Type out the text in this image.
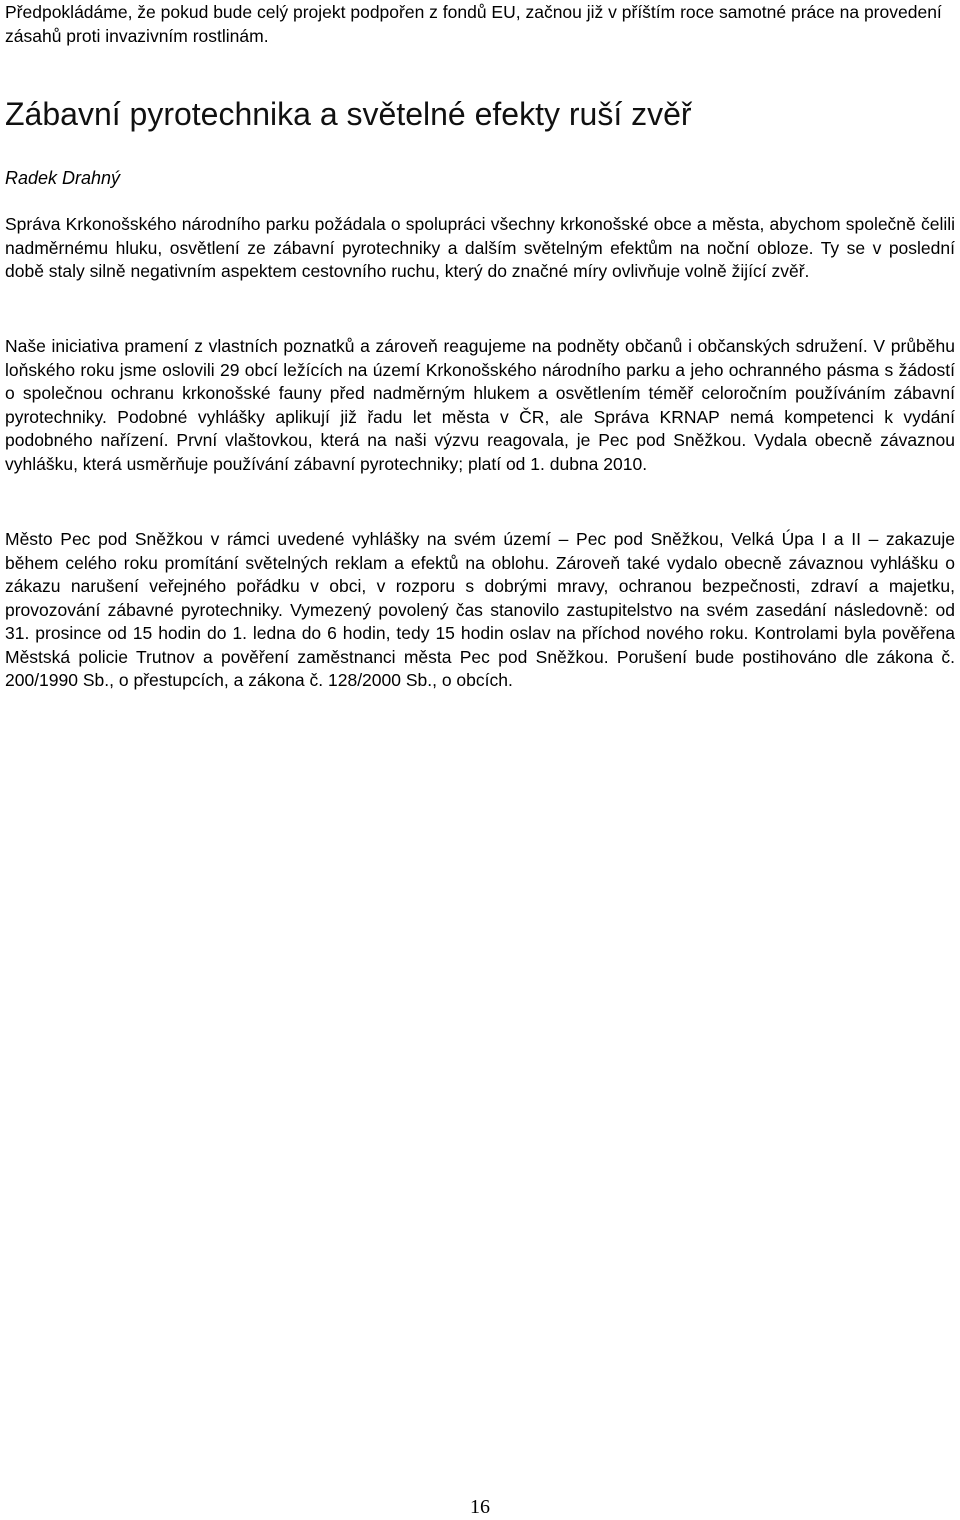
Předpokládáme, že pokud bude celý projekt podpořen z fondů EU, začnou již v příštím roce samotné práce na provedení zásahů proti invazivním rostlinám.

Zábavní pyrotechnika a světelné efekty ruší zvěř
Radek Drahný

Správa Krkonošského národního parku požádala o spolupráci všechny krkonošské obce a města, abychom společně čelili nadměrnému hluku, osvětlení ze zábavní pyrotechniky a dalším světelným efektům na noční obloze. Ty se v poslední době staly silně negativním aspektem cestovního ruchu, který do značné míry ovlivňuje volně žijící zvěř.

Naše iniciativa pramení z vlastních poznatků a zároveň reagujeme na podněty občanů i občanských sdružení. V průběhu loňského roku jsme oslovili 29 obcí ležících na území Krkonošského národního parku a jeho ochranného pásma s žádostí o společnou ochranu krkonošské fauny před nadměrným hlukem a osvětlením téměř celoročním používáním zábavní pyrotechniky. Podobné vyhlášky aplikují již řadu let města v ČR, ale Správa KRNAP nemá kompetenci k vydání podobného nařízení. První vlaštovkou, která na naši výzvu reagovala, je Pec pod Sněžkou. Vydala obecně závaznou vyhlášku, která usměrňuje používání zábavní pyrotechniky; platí od 1. dubna 2010.

Město Pec pod Sněžkou v rámci uvedené vyhlášky na svém území – Pec pod Sněžkou, Velká Úpa I a II – zakazuje během celého roku promítání světelných reklam a efektů na oblohu. Zároveň také vydalo obecně závaznou vyhlášku o zákazu narušení veřejného pořádku v obci, v rozporu s dobrými mravy, ochranou bezpečnosti, zdraví a majetku, provozování zábavné pyrotechniky. Vymezený povolený čas stanovilo zastupitelstvo na svém zasedání následovně: od 31. prosince od 15 hodin do 1. ledna do 6 hodin, tedy 15 hodin oslav na příchod nového roku. Kontrolami byla pověřena Městská policie Trutnov a pověření zaměstnanci města Pec pod Sněžkou. Porušení bude postihováno dle zákona č. 200/1990 Sb., o přestupcích, a zákona č. 128/2000 Sb., o obcích.

16
